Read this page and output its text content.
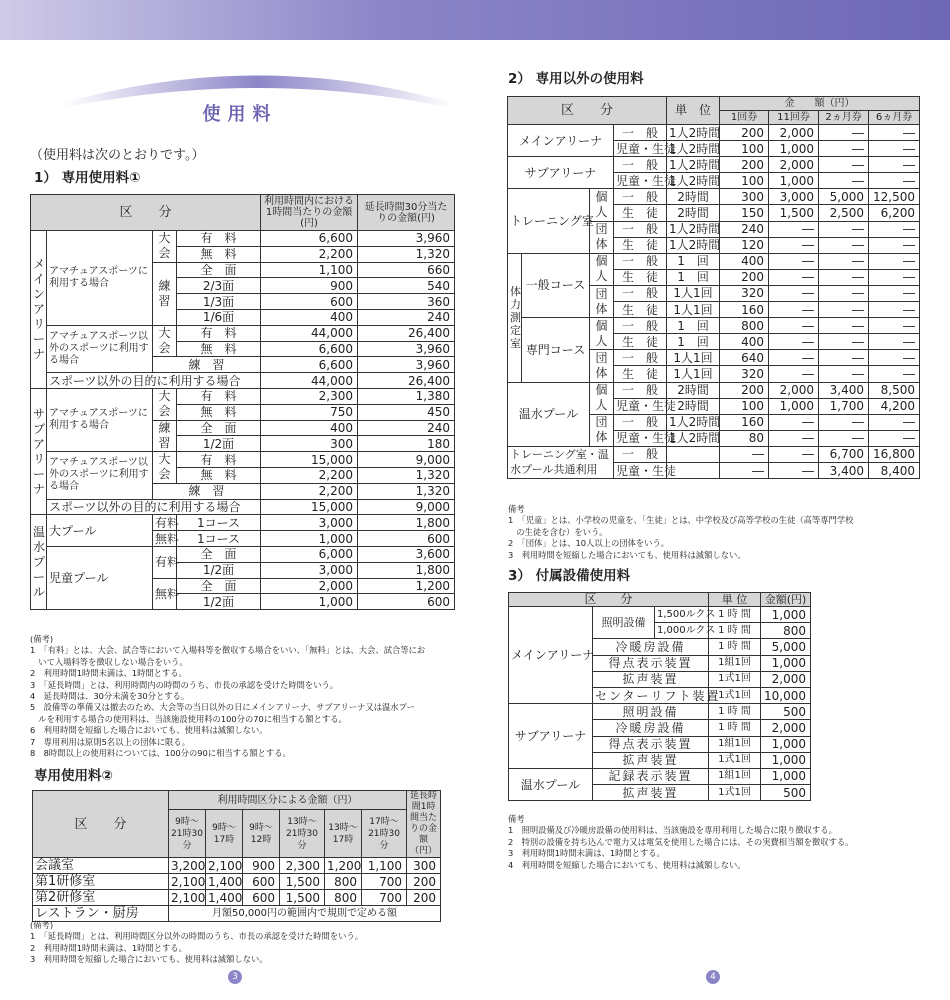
使用料
（使用料は次のとおりです。）
1） 専用使用料①
区　　分				利用時間内における1時間当たりの金額(円)	延長時間30分当たりの金額(円)
メインアリーナ	アマチュアスポーツに利用する場合	大会	有　料	6,600	3,960
			無　料	2,200	1,320
		練習	全　面	1,100	660
			2/3面	900	540
			1/3面	600	360
			1/6面	400	240
	アマチュアスポーツ以外のスポーツに利用する場合	大会	有　料	44,000	26,400
			無　料	6,600	3,960
		練　習		6,600	3,960
	スポーツ以外の目的に利用する場合			44,000	26,400
サブアリーナ	アマチュアスポーツに利用する場合	大会	有　料	2,300	1,380
			無　料	750	450
		練習	全　面	400	240
			1/2面	300	180
	アマチュアスポーツ以外のスポーツに利用する場合	大会	有　料	15,000	9,000
			無　料	2,200	1,320
		練　習		2,200	1,320
	スポーツ以外の目的に利用する場合			15,000	9,000
温水プール	大プール	有料	1コース	3,000	1,800
		無料	1コース	1,000	600
	児童プール	有料	全　面	6,000	3,600
			1/2面	3,000	1,800
		無料	全　面	2,000	1,200
			1/2面	1,000	600
(備考)
1　「有料」とは、大会、試合等において入場料等を徴収する場合をいい、「無料」とは、大会、試合等にお
　いて入場料等を徴収しない場合をいう。
2　利用時間1時間未満は、1時間とする。
3　「延長時間」とは、利用時間内の時間のうち、市長の承認を受けた時間をいう。
4　延長時間は、30分未満を30分とする。
5　設備等の準備又は撤去のため、大会等の当日以外の日にメインアリーナ、サブアリーナ又は温水プー
　ルを利用する場合の使用料は、当該施設使用料の100分の70に相当する額とする。
6　利用時間を短縮した場合においても、使用料は減額しない。
7　専用利用は原則5名以上の団体に限る。
8　8時間以上の使用料については、100分の90に相当する額とする。
専用使用料②
区　　分	利用時間区分による金額（円）						延長時間1時間当たりの金額（円）
	9時～21時30分	9時～17時	9時～12時	13時～21時30分	13時～17時	17時～21時30分	
会議室	3,200	2,100	900	2,300	1,200	1,100	300
第1研修室	2,100	1,400	600	1,500	800	700	200
第2研修室	2,100	1,400	600	1,500	800	700	200
レストラン・厨房	月額50,000円の範囲内で規則で定める額						
(備考)
1　「延長時間」とは、利用時間区分以外の時間のうち、市長の承認を受けた時間をいう。
2　利用時間1時間未満は、1時間とする。
3　利用時間を短縮した場合においても、使用料は減額しない。
3
2） 専用以外の使用料
区　　分				単　位	金　　額（円）			
					1回券	11回券	2ヵ月券	6ヵ月券
メインアリーナ			一　般	1人2時間	200	2,000	―	―
			児童・生徒	1人2時間	100	1,000	―	―
サブアリーナ			一　般	1人2時間	200	2,000	―	―
			児童・生徒	1人2時間	100	1,000	―	―
トレーニング室		個人	一　般	2時間	300	3,000	5,000	12,500
			生　徒	2時間	150	1,500	2,500	6,200
		団体	一　般	1人2時間	240	―	―	―
			生　徒	1人2時間	120	―	―	―
体力測定室	一般コース	個人	一　般	1　回	400	―	―	―
			生　徒	1　回	200	―	―	―
		団体	一　般	1人1回	320	―	―	―
			生　徒	1人1回	160	―	―	―
	専門コース	個人	一　般	1　回	800	―	―	―
			生　徒	1　回	400	―	―	―
		団体	一　般	1人1回	640	―	―	―
			生　徒	1人1回	320	―	―	―
温水プール		個人	一　般	2時間	200	2,000	3,400	8,500
			児童・生徒	2時間	100	1,000	1,700	4,200
		団体	一　般	1人2時間	160	―	―	―
			児童・生徒	1人2時間	80	―	―	―
トレーニング室・温水プール共通利用			一　般		―	―	6,700	16,800
			児童・生徒		―	―	3,400	8,400
備考
1　「児童」とは、小学校の児童を、「生徒」とは、中学校及び高等学校の生徒（高等専門学校
　の生徒を含む）をいう。
2　「団体」とは、10人以上の団体をいう。
3　利用時間を短縮した場合においても、使用料は減額しない。
3） 付属設備使用料
区　　分			単 位	金額(円)
メインアリーナ	照明設備	1,500ルクス	1 時 間	1,000
		1,000ルクス	1 時 間	800
	冷暖房設備		1 時 間	5,000
	得点表示装置		1組1回	1,000
	拡声装置		1式1回	2,000
	センターリフト装置		1式1回	10,000
サブアリーナ	照明設備		1 時 間	500
	冷暖房設備		1 時 間	2,000
	得点表示装置		1組1回	1,000
	拡声装置		1式1回	1,000
温水プール	記録表示装置		1組1回	1,000
	拡声装置		1式1回	500
備考
1　照明設備及び冷暖房設備の使用料は、当該施設を専用利用した場合に限り徴収する。
2　特別の設備を持ち込んで電力又は電気を使用した場合には、その実費相当額を徴収する。
3　利用時間1時間未満は、1時間とする。
4　利用時間を短縮した場合においても、使用料は減額しない。
4
